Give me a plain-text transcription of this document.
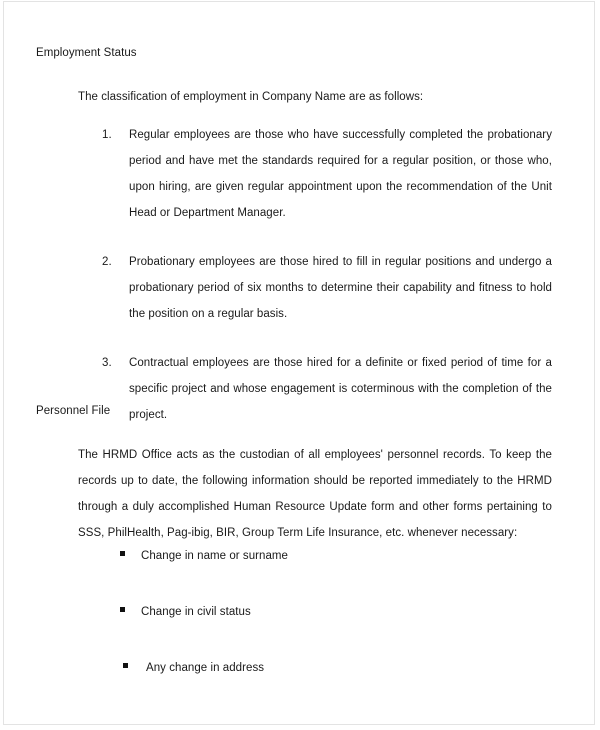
Employment Status
The classification of employment in Company Name are as follows:
1. Regular employees are those who have successfully completed the probationary period and have met the standards required for a regular position, or those who, upon hiring, are given regular appointment upon the recommendation of the Unit Head or Department Manager.
2. Probationary employees are those hired to fill in regular positions and undergo a probationary period of six months to determine their capability and fitness to hold the position on a regular basis.
3. Contractual employees are those hired for a definite or fixed period of time for a specific project and whose engagement is coterminous with the completion of the project.
Personnel File
The HRMD Office acts as the custodian of all employees' personnel records. To keep the records up to date, the following information should be reported immediately to the HRMD through a duly accomplished Human Resource Update form and other forms pertaining to SSS, PhilHealth, Pag-ibig, BIR, Group Term Life Insurance, etc. whenever necessary:
Change in name or surname
Change in civil status
Any change in address
